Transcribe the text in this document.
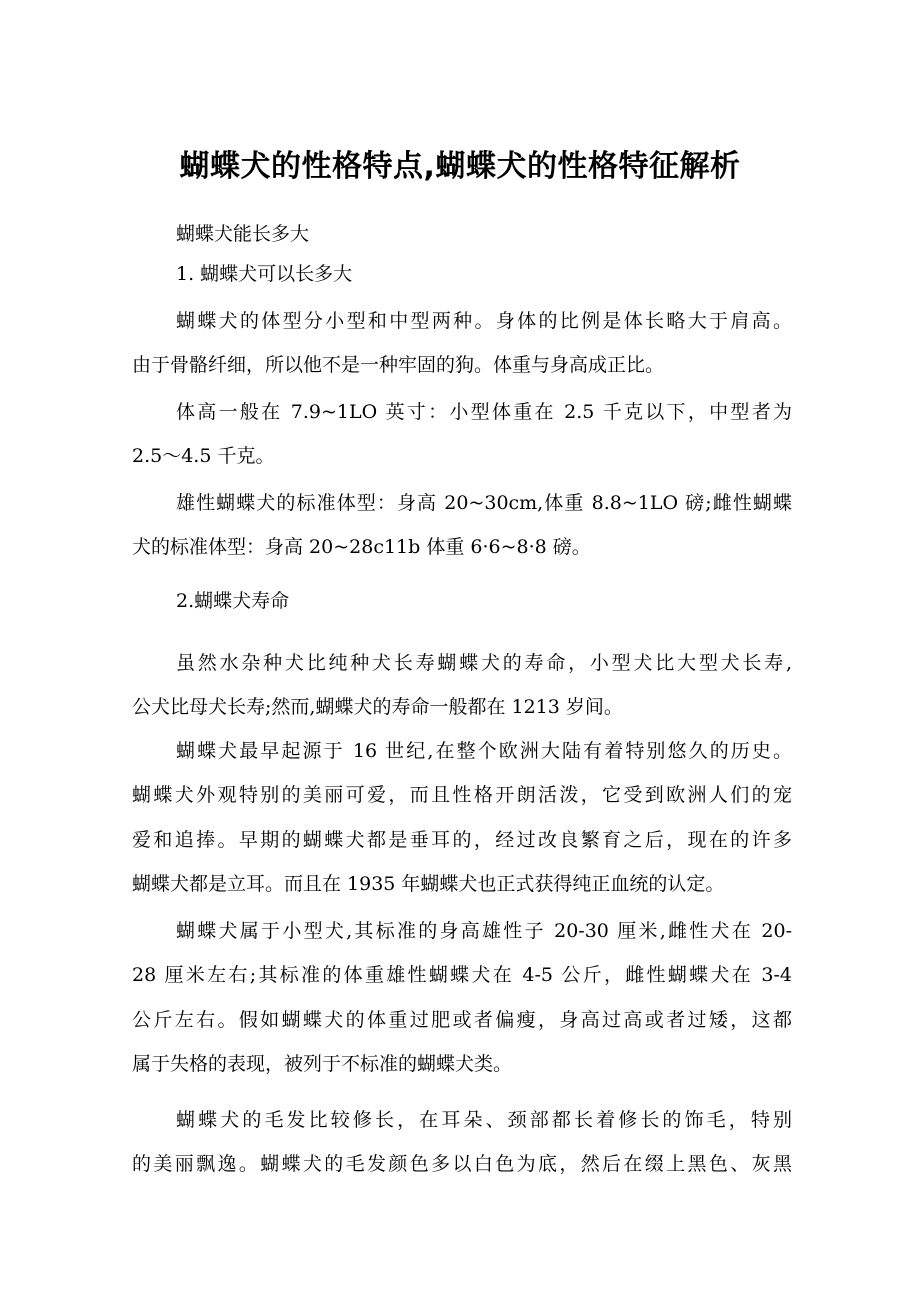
蝴蝶犬的性格特点,蝴蝶犬的性格特征解析
蝴蝶犬能长多大
1. 蝴蝶犬可以长多大
蝴蝶犬的体型分小型和中型两种。身体的比例是体长略大于肩高。
由于骨骼纤细，所以他不是一种牢固的狗。体重与身高成正比。
体高一般在 7.9~1LO 英寸：小型体重在 2.5 千克以下，中型者为
2.5～4.5 千克。
雄性蝴蝶犬的标准体型：身高 20~30cm,体重 8.8~1LO 磅;雌性蝴蝶
犬的标准体型：身高 20~28c11b 体重 6·6~8·8 磅。
2.蝴蝶犬寿命
虽然水杂种犬比纯种犬长寿蝴蝶犬的寿命，小型犬比大型犬长寿,
公犬比母犬长寿;然而,蝴蝶犬的寿命一般都在 1213 岁间。
蝴蝶犬最早起源于 16 世纪,在整个欧洲大陆有着特别悠久的历史。
蝴蝶犬外观特别的美丽可爱，而且性格开朗活泼，它受到欧洲人们的宠
爱和追捧。早期的蝴蝶犬都是垂耳的，经过改良繁育之后，现在的许多
蝴蝶犬都是立耳。而且在 1935 年蝴蝶犬也正式获得纯正血统的认定。
蝴蝶犬属于小型犬,其标准的身高雄性子 20-30 厘米,雌性犬在 20-
28 厘米左右;其标准的体重雄性蝴蝶犬在 4-5 公斤，雌性蝴蝶犬在 3-4
公斤左右。假如蝴蝶犬的体重过肥或者偏瘦，身高过高或者过矮，这都
属于失格的表现，被列于不标准的蝴蝶犬类。
蝴蝶犬的毛发比较修长，在耳朵、颈部都长着修长的饰毛，特别
的美丽飘逸。蝴蝶犬的毛发颜色多以白色为底，然后在缀上黑色、灰黑
